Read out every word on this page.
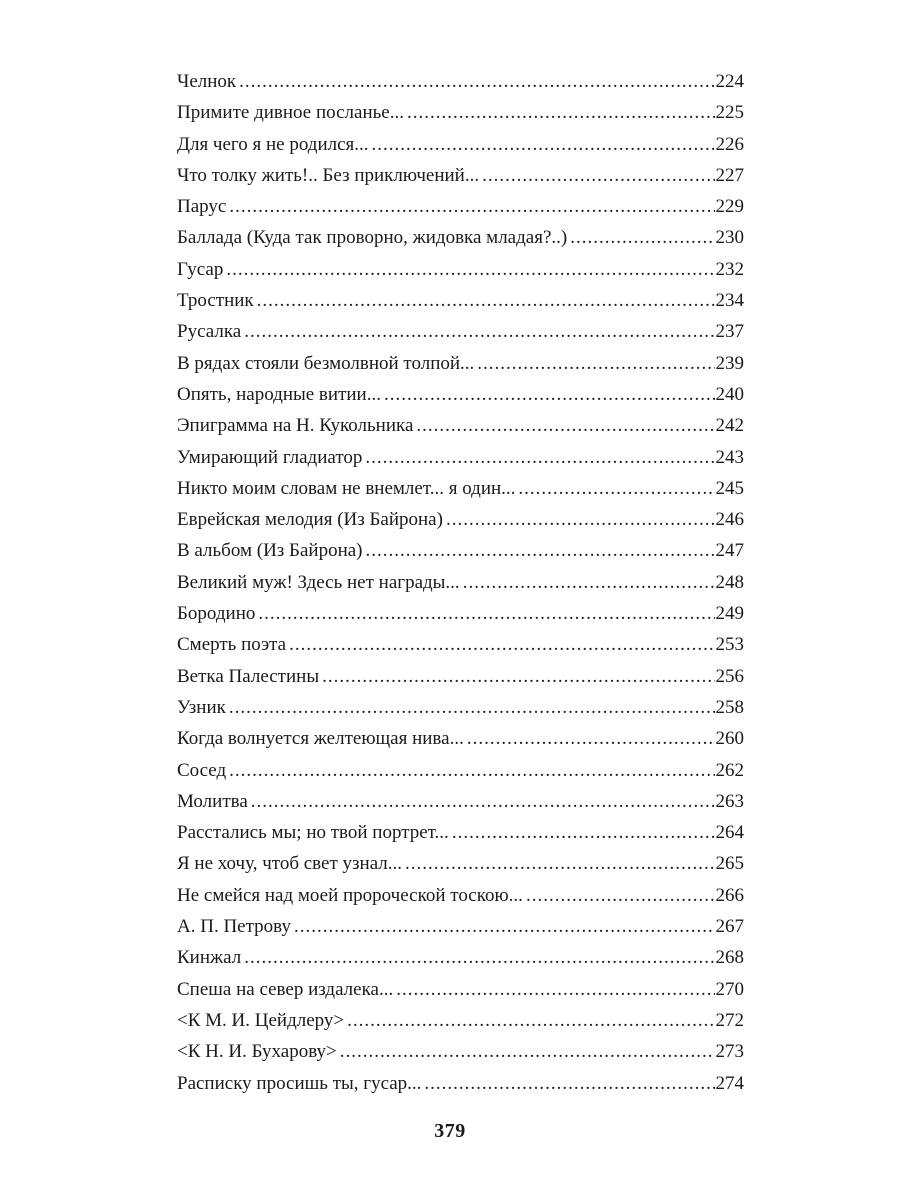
Челнок .....	224
Примите дивное посланье... .....	225
Для чего я не родился... .....	226
Что толку жить!.. Без приключений... .....	227
Парус .....	229
Баллада (Куда так проворно, жидовка младая?..) .....	230
Гусар .....	232
Тростник .....	234
Русалка .....	237
В рядах стояли безмолвной толпой... .....	239
Опять, народные витии... .....	240
Эпиграмма на Н. Кукольника .....	242
Умирающий гладиатор .....	243
Никто моим словам не внемлет... я один... .....	245
Еврейская мелодия (Из Байрона) .....	246
В альбом (Из Байрона) .....	247
Великий муж! Здесь нет награды... .....	248
Бородино .....	249
Смерть поэта .....	253
Ветка Палестины .....	256
Узник .....	258
Когда волнуется желтеющая нива... .....	260
Сосед .....	262
Молитва .....	263
Расстались мы; но твой портрет... .....	264
Я не хочу, чтоб свет узнал... .....	265
Не смейся над моей пророческой тоскою... .....	266
А. П. Петрову .....	267
Кинжал .....	268
Спеша на север издалека... .....	270
<К М. И. Цейдлеру> .....	272
<К Н. И. Бухарову> .....	273
Расписку просишь ты, гусар... .....	274
379
